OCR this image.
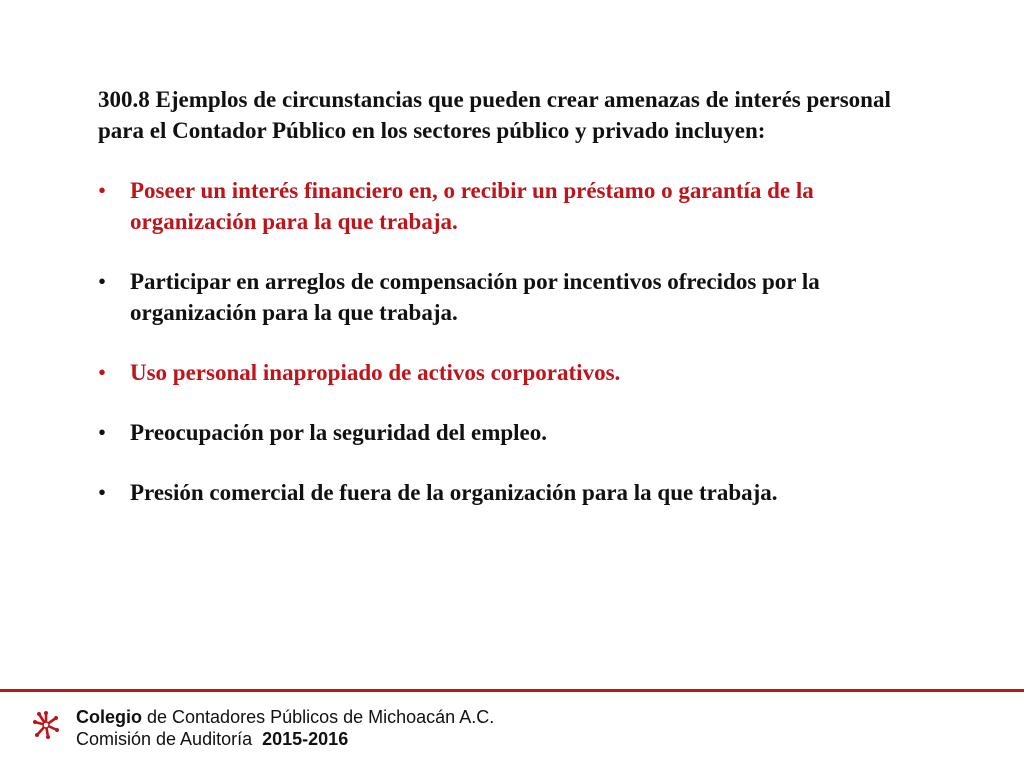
300.8 Ejemplos de circunstancias que pueden crear amenazas de interés personal para el Contador Público en los sectores público y privado incluyen:

• Poseer un interés financiero en, o recibir un préstamo o garantía de la organización para la que trabaja.
• Participar en arreglos de compensación por incentivos ofrecidos por la organización para la que trabaja.
• Uso personal inapropiado de activos corporativos.
• Preocupación por la seguridad del empleo.
• Presión comercial de fuera de la organización para la que trabaja.
Colegio de Contadores Públicos de Michoacán A.C.
Comisión de Auditoría 2015-2016
